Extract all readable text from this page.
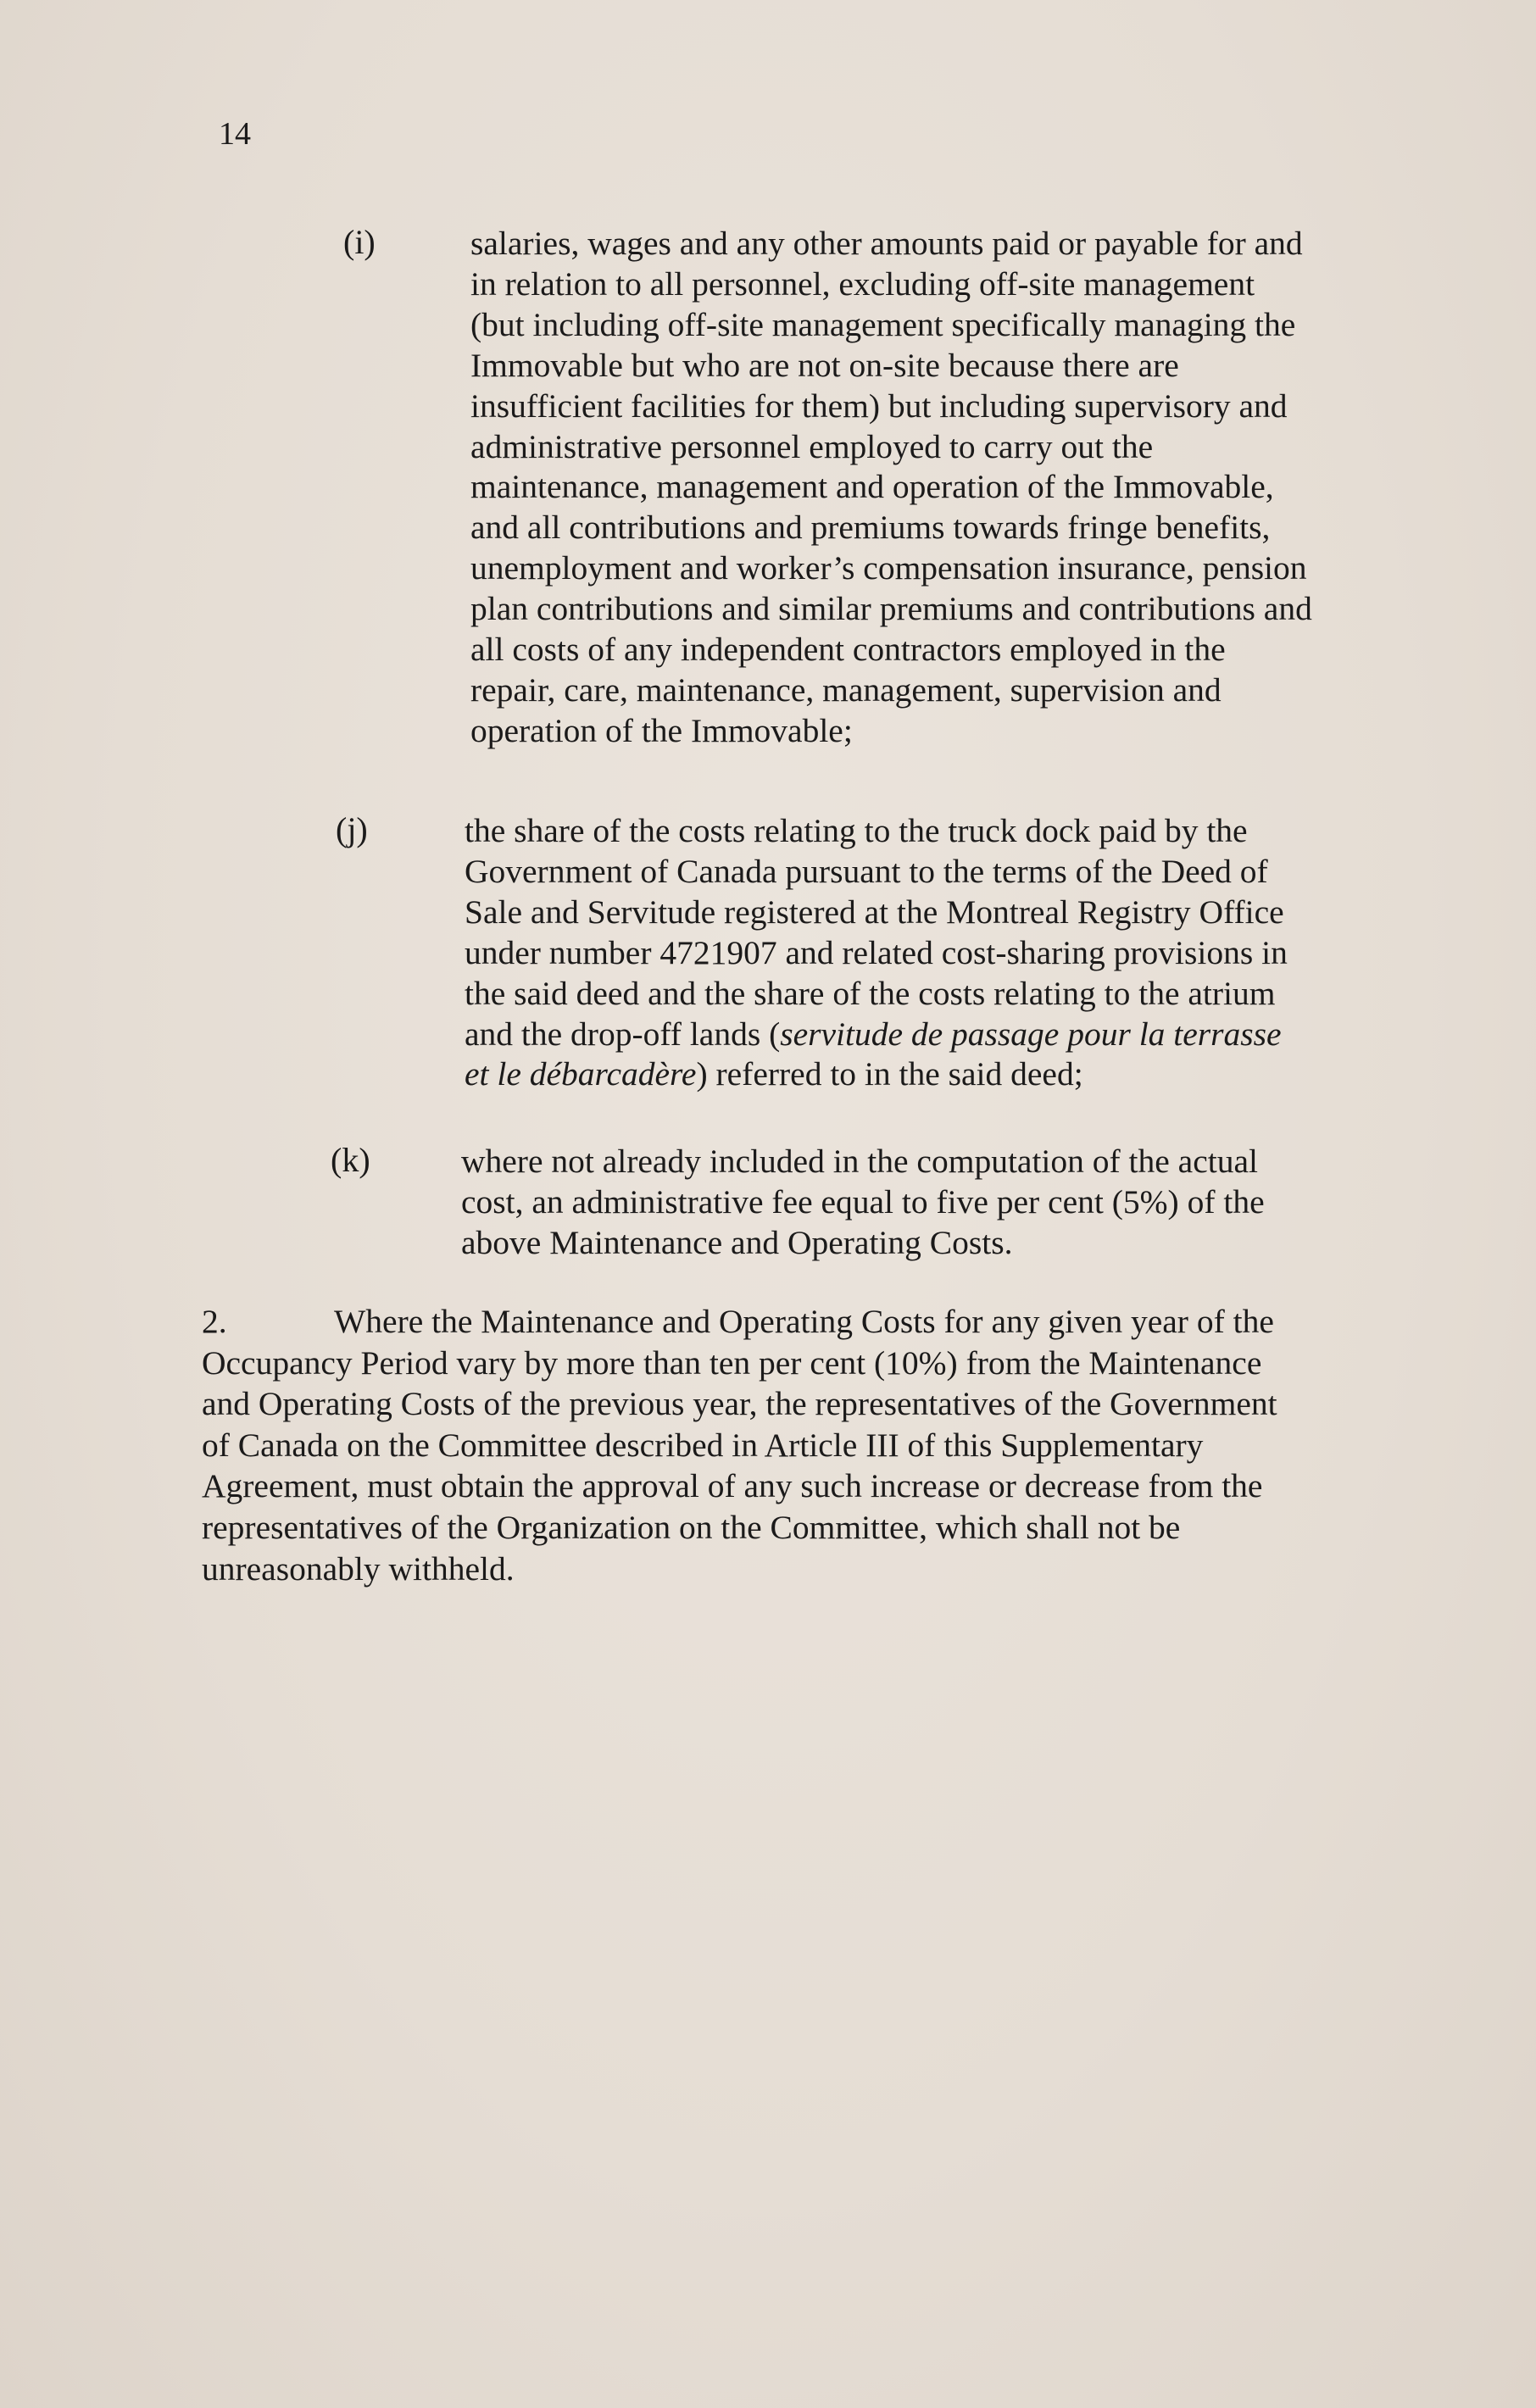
14
(i)	salaries, wages and any other amounts paid or payable for and
in relation to all personnel, excluding off-site management
(but including off-site management specifically managing the
Immovable but who are not on-site because there are
insufficient facilities for them) but including supervisory and
administrative personnel employed to carry out the
maintenance, management and operation of the Immovable,
and all contributions and premiums towards fringe benefits,
unemployment and worker’s compensation insurance, pension
plan contributions and similar premiums and contributions and
all costs of any independent contractors employed in the
repair, care, maintenance, management, supervision and
operation of the Immovable;
(j)	the share of the costs relating to the truck dock paid by the
Government of Canada pursuant to the terms of the Deed of
Sale and Servitude registered at the Montreal Registry Office
under number 4721907 and related cost-sharing provisions in
the said deed and the share of the costs relating to the atrium
and the drop-off lands (servitude de passage pour la terrasse
et le débarcadère) referred to in the said deed;
(k)	where not already included in the computation of the actual
cost, an administrative fee equal to five per cent (5%) of the
above Maintenance and Operating Costs.
2.	Where the Maintenance and Operating Costs for any given year of the
Occupancy Period vary by more than ten per cent (10%) from the Maintenance
and Operating Costs of the previous year, the representatives of the Government
of Canada on the Committee described in Article III of this Supplementary
Agreement, must obtain the approval of any such increase or decrease from the
representatives of the Organization on the Committee, which shall not be
unreasonably withheld.
